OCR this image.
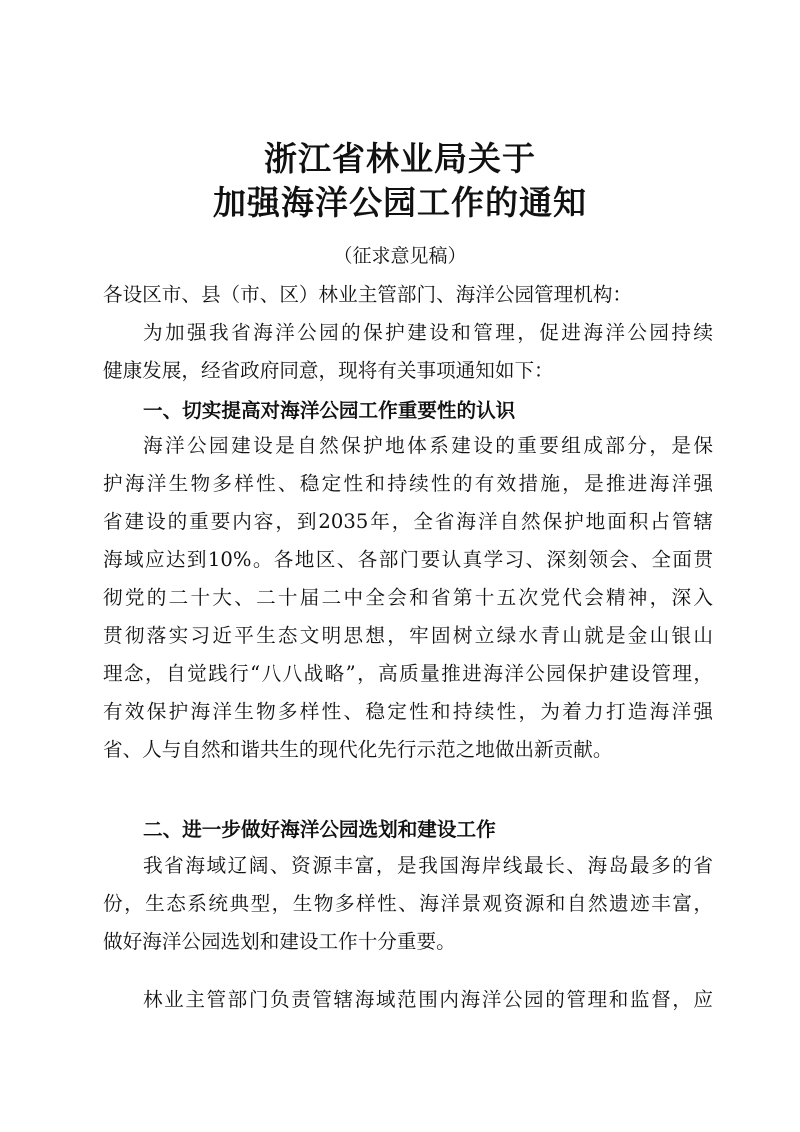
浙江省林业局关于
加强海洋公园工作的通知
（征求意见稿）
各设区市、县（市、区）林业主管部门、海洋公园管理机构：
为加强我省海洋公园的保护建设和管理，促进海洋公园持续
健康发展，经省政府同意，现将有关事项通知如下：
一、切实提高对海洋公园工作重要性的认识
海洋公园建设是自然保护地体系建设的重要组成部分，是保
护海洋生物多样性、稳定性和持续性的有效措施，是推进海洋强
省建设的重要内容，到2035年，全省海洋自然保护地面积占管辖
海域应达到10%。各地区、各部门要认真学习、深刻领会、全面贯
彻党的二十大、二十届二中全会和省第十五次党代会精神，深入
贯彻落实习近平生态文明思想，牢固树立绿水青山就是金山银山
理念，自觉践行“八八战略”，高质量推进海洋公园保护建设管理，
有效保护海洋生物多样性、稳定性和持续性，为着力打造海洋强
省、人与自然和谐共生的现代化先行示范之地做出新贡献。
二、进一步做好海洋公园选划和建设工作
我省海域辽阔、资源丰富，是我国海岸线最长、海岛最多的省
份，生态系统典型，生物多样性、海洋景观资源和自然遗迹丰富，
做好海洋公园选划和建设工作十分重要。
林业主管部门负责管辖海域范围内海洋公园的管理和监督，应
